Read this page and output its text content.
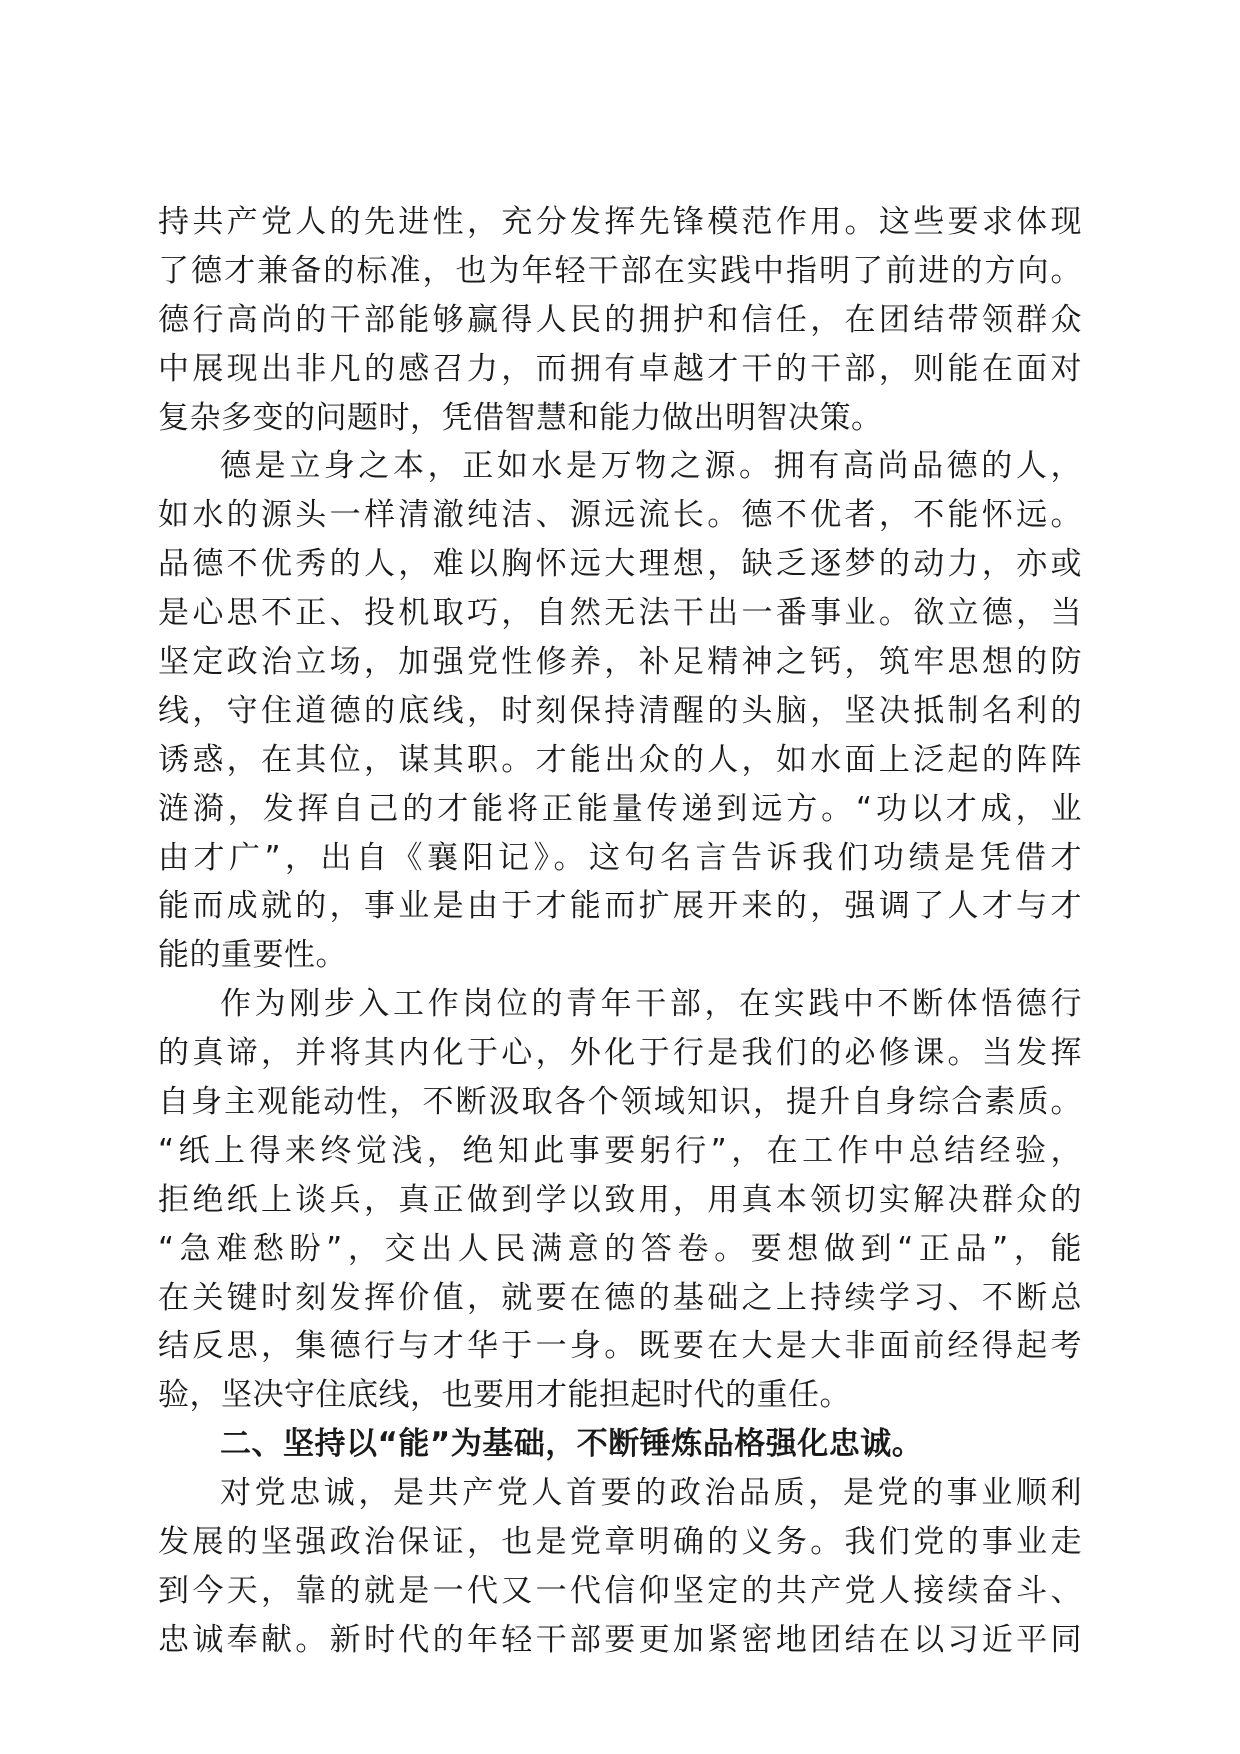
持共产党人的先进性，充分发挥先锋模范作用。这些要求体现
了德才兼备的标准，也为年轻干部在实践中指明了前进的方向。
德行高尚的干部能够赢得人民的拥护和信任，在团结带领群众
中展现出非凡的感召力，而拥有卓越才干的干部，则能在面对
复杂多变的问题时，凭借智慧和能力做出明智决策。
德是立身之本，正如水是万物之源。拥有高尚品德的人，
如水的源头一样清澈纯洁、源远流长。德不优者，不能怀远。
品德不优秀的人，难以胸怀远大理想，缺乏逐梦的动力，亦或
是心思不正、投机取巧，自然无法干出一番事业。欲立德，当
坚定政治立场，加强党性修养，补足精神之钙，筑牢思想的防
线，守住道德的底线，时刻保持清醒的头脑，坚决抵制名利的
诱惑，在其位，谋其职。才能出众的人，如水面上泛起的阵阵
涟漪，发挥自己的才能将正能量传递到远方。“功以才成，业
由才广”，出自《襄阳记》。这句名言告诉我们功绩是凭借才
能而成就的，事业是由于才能而扩展开来的，强调了人才与才
能的重要性。
作为刚步入工作岗位的青年干部，在实践中不断体悟德行
的真谛，并将其内化于心，外化于行是我们的必修课。当发挥
自身主观能动性，不断汲取各个领域知识，提升自身综合素质。
“纸上得来终觉浅，绝知此事要躬行”，在工作中总结经验，
拒绝纸上谈兵，真正做到学以致用，用真本领切实解决群众的
“急难愁盼”，交出人民满意的答卷。要想做到“正品”，能
在关键时刻发挥价值，就要在德的基础之上持续学习、不断总
结反思，集德行与才华于一身。既要在大是大非面前经得起考
验，坚决守住底线，也要用才能担起时代的重任。
二、坚持以“能”为基础，不断锤炼品格强化忠诚。
对党忠诚，是共产党人首要的政治品质，是党的事业顺利
发展的坚强政治保证，也是党章明确的义务。我们党的事业走
到今天，靠的就是一代又一代信仰坚定的共产党人接续奋斗、
忠诚奉献。新时代的年轻干部要更加紧密地团结在以习近平同
